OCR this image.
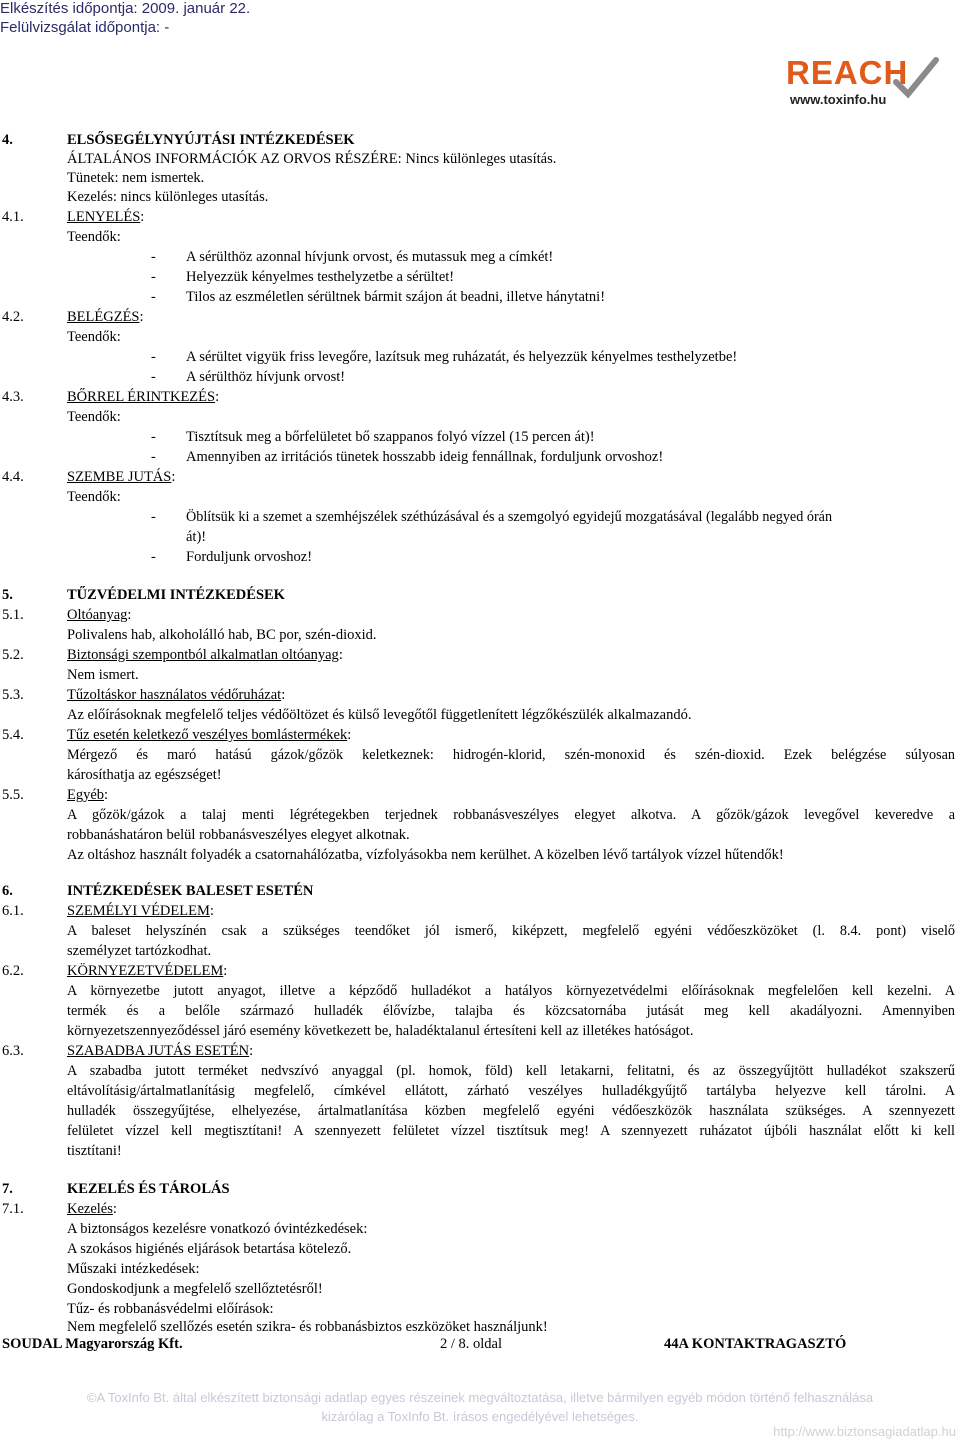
Elkészítés időpontja: 2009. január 22.
Felülvizsgálat időpontja: -
REACH
www.toxinfo.hu
4.	ELSŐSEGÉLYNYÚJTÁSI INTÉZKEDÉSEK
ÁLTALÁNOS INFORMÁCIÓK AZ ORVOS RÉSZÉRE: Nincs különleges utasítás.
Tünetek: nem ismertek.
Kezelés: nincs különleges utasítás.
4.1.	LENYELÉS:
Teendők:
- A sérülthöz azonnal hívjunk orvost, és mutassuk meg a címkét!
- Helyezzük kényelmes testhelyzetbe a sérültet!
- Tilos az eszméletlen sérültnek bármit szájon át beadni, illetve hánytatni!
4.2.	BELÉGZÉS:
Teendők:
- A sérültet vigyük friss levegőre, lazítsuk meg ruházatát, és helyezzük kényelmes testhelyzetbe!
- A sérülthöz hívjunk orvost!
4.3.	BŐRREL ÉRINTKEZÉS:
Teendők:
- Tisztítsuk meg a bőrfelületet bő szappanos folyó vízzel (15 percen át)!
- Amennyiben az irritációs tünetek hosszabb ideig fennállnak, forduljunk orvoshoz!
4.4.	SZEMBE JUTÁS:
Teendők:
- Öblítsük ki a szemet a szemhéjszélek széthúzásával és a szemgolyó egyidejű mozgatásával (legalább negyed órán
át)!
- Forduljunk orvoshoz!
5.	TŰZVÉDELMI INTÉZKEDÉSEK
5.1.	Oltóanyag:
Polivalens hab, alkoholálló hab, BC por, szén-dioxid.
5.2.	Biztonsági szempontból alkalmatlan oltóanyag:
Nem ismert.
5.3.	Tűzoltáskor használatos védőruházat:
Az előírásoknak megfelelő teljes védőöltözet és külső levegőtől függetlenített légzőkészülék alkalmazandó.
5.4.	Tűz esetén keletkező veszélyes bomlástermékek:
Mérgező és maró hatású gázok/gőzök keletkeznek: hidrogén-klorid, szén-monoxid és szén-dioxid. Ezek belégzése súlyosan
károsíthatja az egészséget!
5.5.	Egyéb:
A gőzök/gázok a talaj menti légrétegekben terjednek robbanásveszélyes elegyet alkotva. A gőzök/gázok levegővel keveredve a
robbanáshatáron belül robbanásveszélyes elegyet alkotnak.
Az oltáshoz használt folyadék a csatornahálózatba, vízfolyásokba nem kerülhet. A közelben lévő tartályok vízzel hűtendők!
6.	INTÉZKEDÉSEK BALESET ESETÉN
6.1.	SZEMÉLYI VÉDELEM:
A baleset helyszínén csak a szükséges teendőket jól ismerő, kiképzett, megfelelő egyéni védőeszközöket (l. 8.4. pont) viselő
személyzet tartózkodhat.
6.2.	KÖRNYEZETVÉDELEM:
A környezetbe jutott anyagot, illetve a képződő hulladékot a hatályos környezetvédelmi előírásoknak megfelelően kell kezelni. A
termék és a belőle származó hulladék élővízbe, talajba és közcsatornába jutását meg kell akadályozni. Amennyiben
környezetszennyeződéssel járó esemény következett be, haladéktalanul értesíteni kell az illetékes hatóságot.
6.3.	SZABADBA JUTÁS ESETÉN:
A szabadba jutott terméket nedvszívó anyaggal (pl. homok, föld) kell letakarni, felitatni, és az összegyűjtött hulladékot szakszerű
eltávolításig/ártalmatlanításig megfelelő, címkével ellátott, zárható veszélyes hulladékgyűjtő tartályba helyezve kell tárolni. A
hulladék összegyűjtése, elhelyezése, ártalmatlanítása közben megfelelő egyéni védőeszközök használata szükséges. A szennyezett
felületet vízzel kell megtisztítani! A szennyezett felületet vízzel tisztítsuk meg! A szennyezett ruházatot újbóli használat előtt ki kell
tisztítani!
7.	KEZELÉS ÉS TÁROLÁS
7.1.	Kezelés:
A biztonságos kezelésre vonatkozó óvintézkedések:
A szokásos higiénés eljárások betartása kötelező.
Műszaki intézkedések:
Gondoskodjunk a megfelelő szellőztetésről!
Tűz- és robbanásvédelmi előírások:
Nem megfelelő szellőzés esetén szikra- és robbanásbiztos eszközöket használjunk!
SOUDAL Magyarország Kft.	2 / 8. oldal	44A KONTAKTRAGASZTÓ
©A ToxInfo Bt. által elkészített biztonsági adatlap egyes részeinek megváltoztatása, illetve bármilyen egyéb módon történő felhasználása
kizárólag a ToxInfo Bt. írásos engedélyével lehetséges.
http://www.biztonsagiadatlap.hu
